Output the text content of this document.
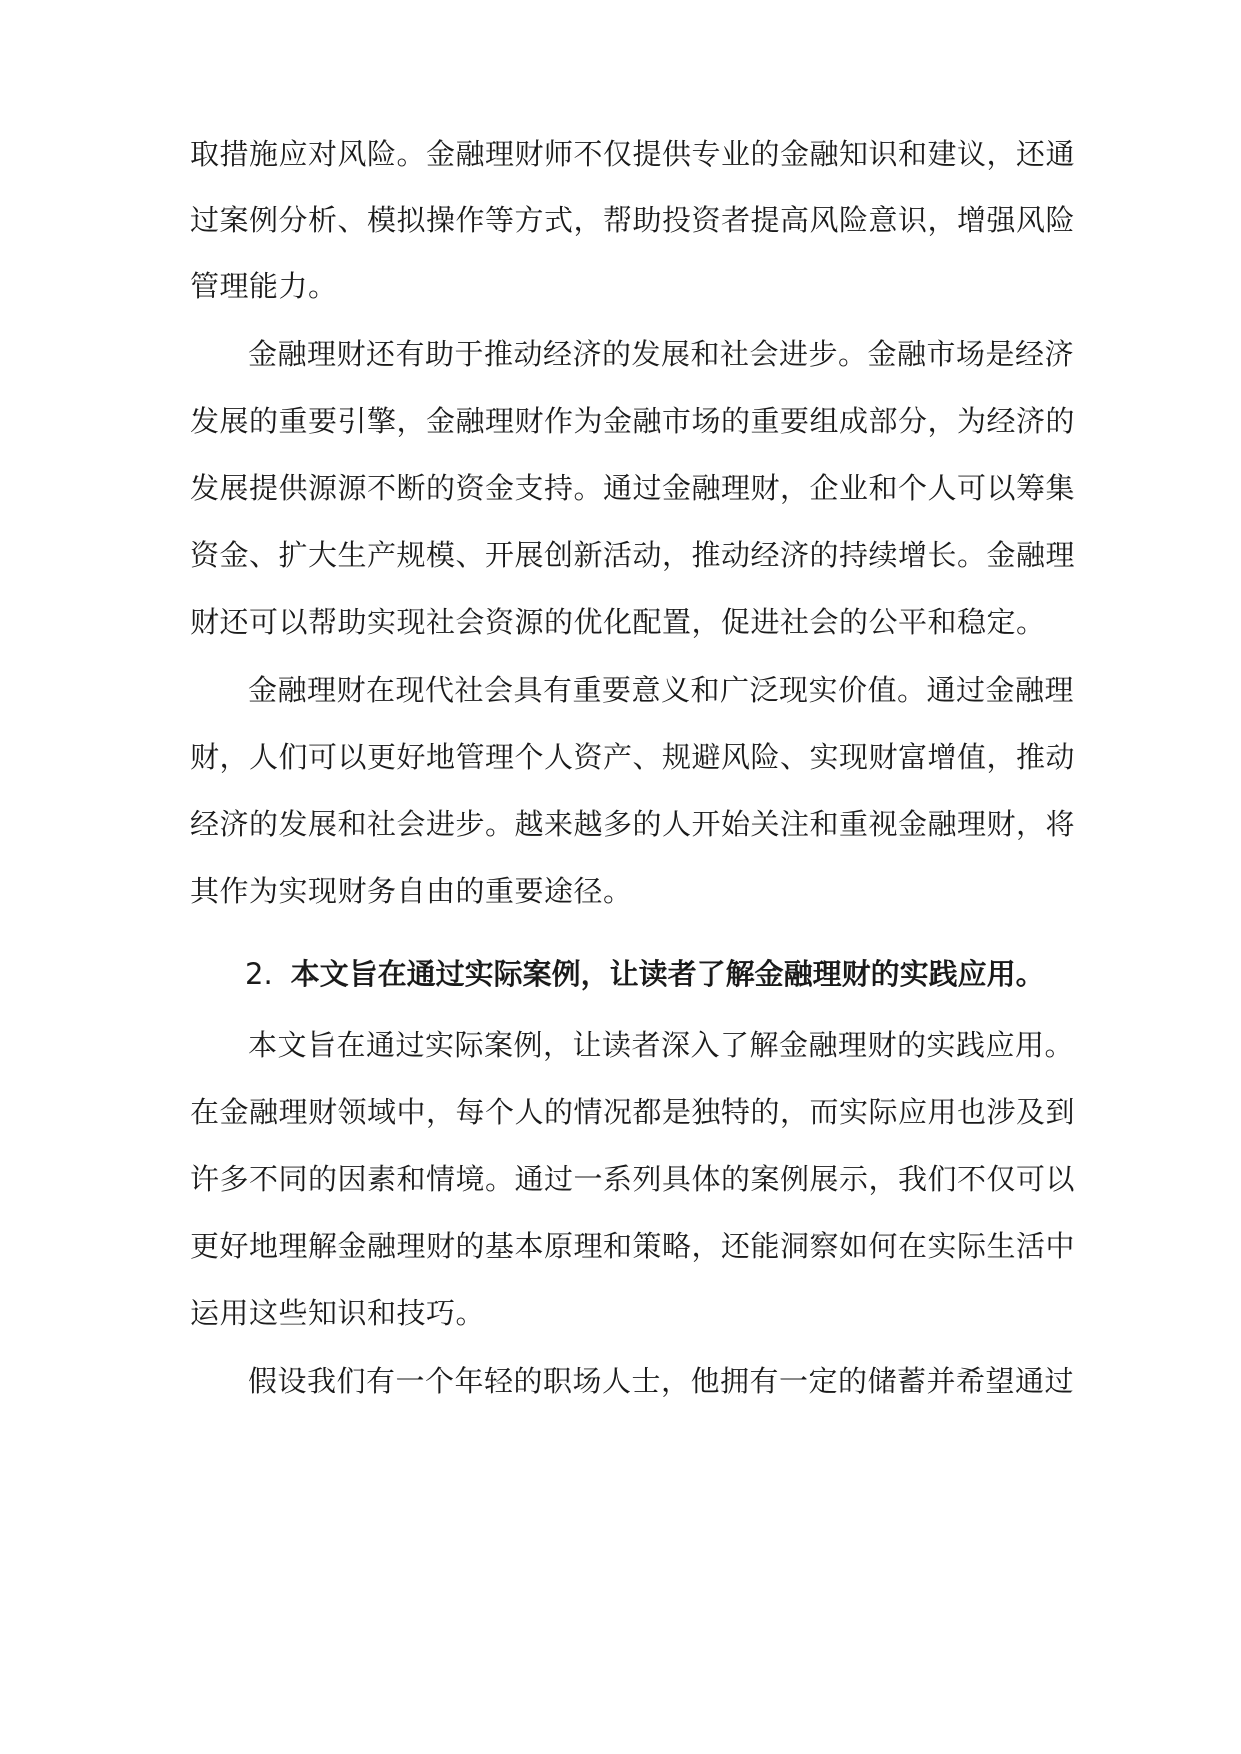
取措施应对风险。金融理财师不仅提供专业的金融知识和建议，还通
过案例分析、模拟操作等方式，帮助投资者提高风险意识，增强风险
管理能力。
金融理财还有助于推动经济的发展和社会进步。金融市场是经济
发展的重要引擎，金融理财作为金融市场的重要组成部分，为经济的
发展提供源源不断的资金支持。通过金融理财，企业和个人可以筹集
资金、扩大生产规模、开展创新活动，推动经济的持续增长。金融理
财还可以帮助实现社会资源的优化配置，促进社会的公平和稳定。
金融理财在现代社会具有重要意义和广泛现实价值。通过金融理
财，人们可以更好地管理个人资产、规避风险、实现财富增值，推动
经济的发展和社会进步。越来越多的人开始关注和重视金融理财，将
其作为实现财务自由的重要途径。
2. 本文旨在通过实际案例，让读者了解金融理财的实践应用。
本文旨在通过实际案例，让读者深入了解金融理财的实践应用。
在金融理财领域中，每个人的情况都是独特的，而实际应用也涉及到
许多不同的因素和情境。通过一系列具体的案例展示，我们不仅可以
更好地理解金融理财的基本原理和策略，还能洞察如何在实际生活中
运用这些知识和技巧。
假设我们有一个年轻的职场人士，他拥有一定的储蓄并希望通过
